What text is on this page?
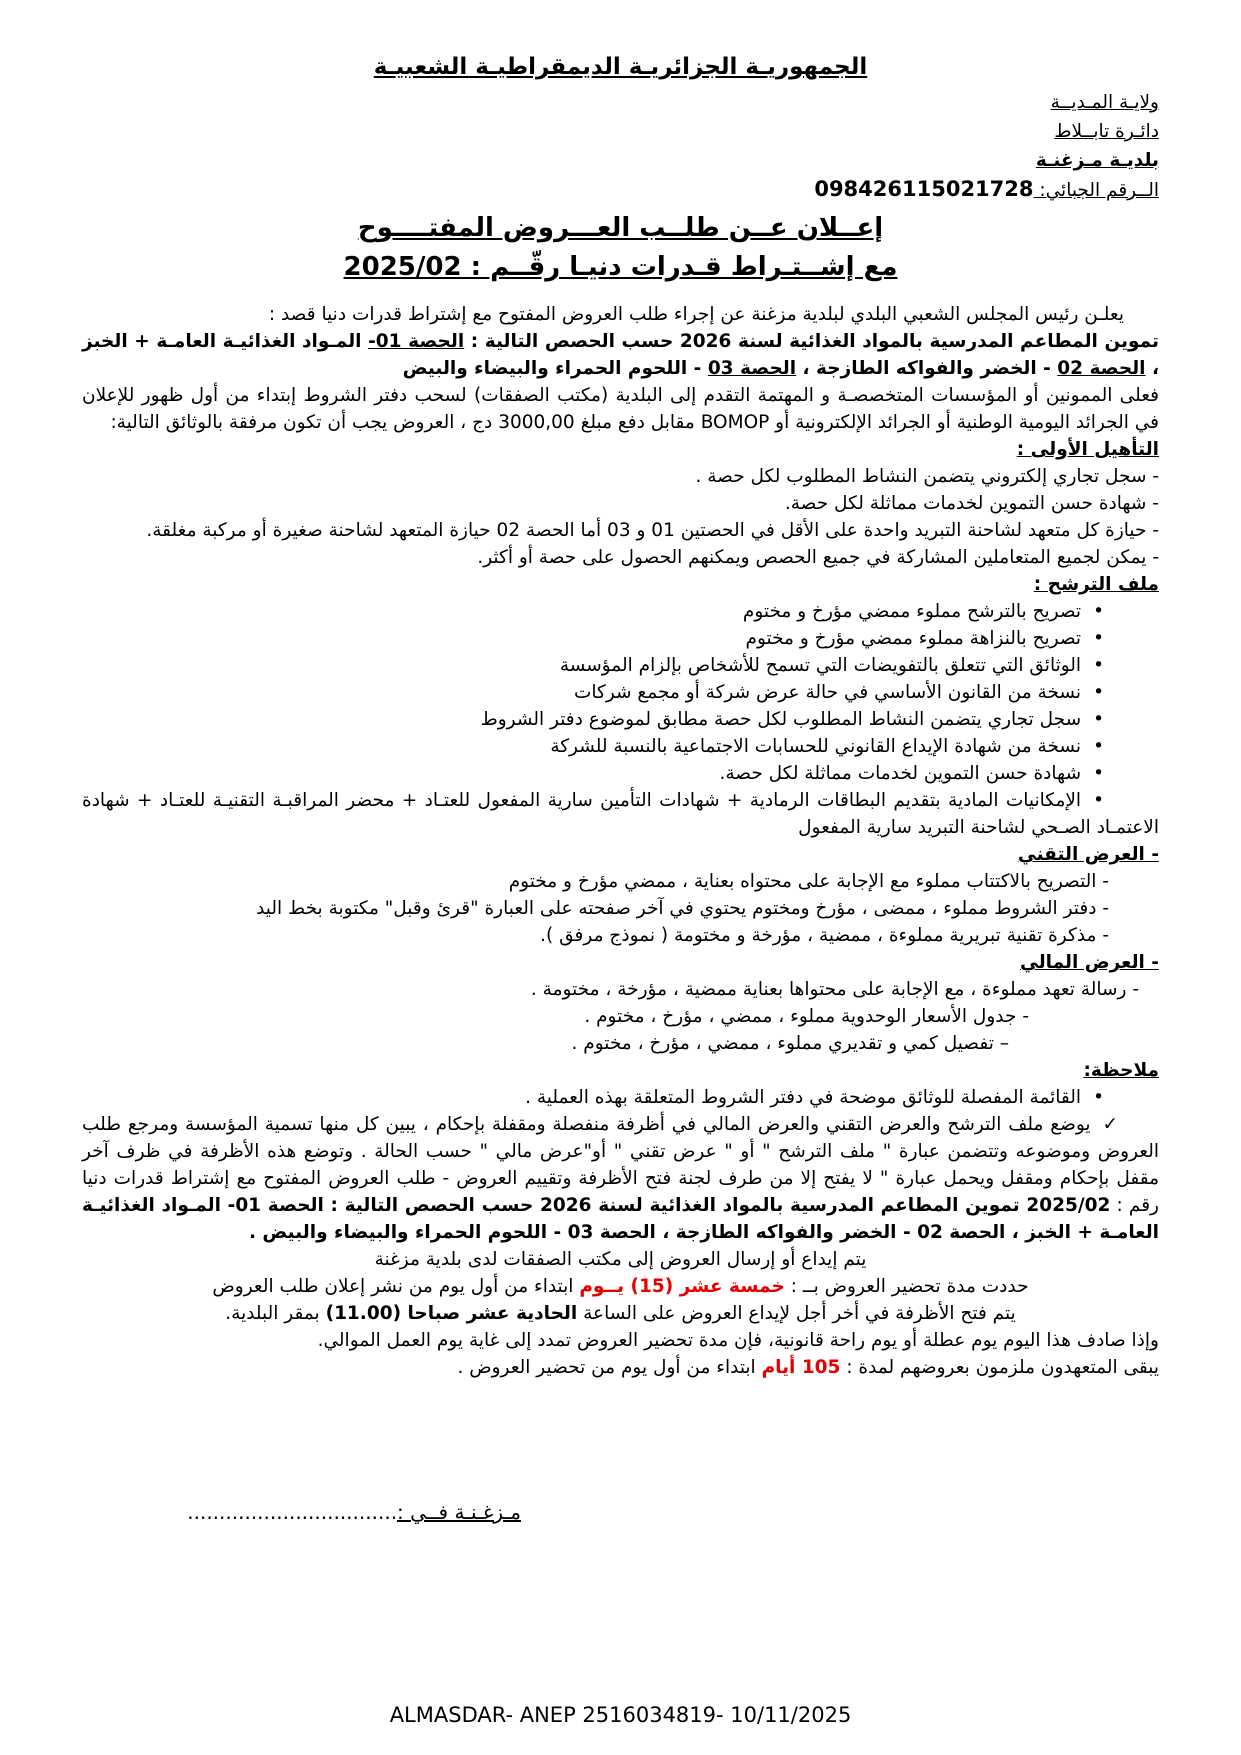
الجمهوريـة الجزائريـة الديمقراطيـة الشعبيـة
ولايـة المـديــة
دائـرة تابــلاط
بلديـة مـزغنـة
الــرقم الجبائي: 098426115021728
إعــلان عــن طلــب العـــروض المفتــــوح
مع إشــتـراط قـدرات دنيـا رقّــم : 2025/02

يعلـن رئيس المجلس الشعبي البلدي لبلدية مزغنة عن إجراء طلب العروض المفتوح مع إشتراط قدرات دنيا قصد :

تموين المطاعم المدرسية بالمواد الغذائية لسنة 2026 حسب الحصص التالية : الحصة 01- المـواد الغذائيـة العامـة + الخبز ، الحصة 02 - الخضر والفواكه الطازجة ، الحصة 03 - اللحوم الحمراء والبيضاء والبيض

فعلى الممونين أو المؤسسات المتخصصـة و المهتمة التقدم إلى البلدية (مكتب الصفقات) لسحب دفتر الشروط إبتداء من أول ظهور للإعلان في الجرائد اليومية الوطنية أو الجرائد الإلكترونية أو BOMOP مقابل دفع مبلغ 3000,00 دج ، العروض يجب أن تكون مرفقة بالوثائق التالية:

التأهيل الأولى :

- سجل تجاري إلكتروني يتضمن النشاط المطلوب لكل حصة .

- شهادة حسن التموين لخدمات مماثلة لكل حصة.

- حيازة كل متعهد لشاحنة التبريد واحدة على الأقل في الحصتين 01 و 03 أما الحصة 02 حيازة المتعهد لشاحنة صغيرة أو مركبة مغلقة.

- يمكن لجميع المتعاملين المشاركة في جميع الحصص ويمكنهم الحصول على حصة أو أكثر.

ملف الترشح :

•تصريح بالترشح مملوء ممضي مؤرخ و مختوم

•تصريح بالنزاهة مملوء ممضي مؤرخ و مختوم

•الوثائق التي تتعلق بالتفويضات التي تسمح للأشخاص بإلزام المؤسسة

•نسخة من القانون الأساسي في حالة عرض شركة أو مجمع شركات

•سجل تجاري يتضمن النشاط المطلوب لكل حصة مطابق لموضوع دفتر الشروط

•نسخة من شهادة الإيداع القانوني للحسابات الاجتماعية بالنسبة للشركة

•شهادة حسن التموين لخدمات مماثلة لكل حصة.

•الإمكانيات المادية بتقديم البطاقات الرمادية + شهادات التأمين سارية المفعول للعتـاد + محضر المراقبـة التقنيـة للعتـاد + شهادة الاعتمـاد الصـحي لشاحنة التبريد سارية المفعول

- العرض التقني

- التصريح بالاكتتاب مملوء مع الإجابة على محتواه بعناية ، ممضي مؤرخ و مختوم

- دفتر الشروط مملوء ، ممضى ، مؤرخ ومختوم يحتوي في آخر صفحته على العبارة "قرئ وقبل" مكتوبة بخط اليد

- مذكرة تقنية تبريرية مملوءة ، ممضية ، مؤرخة و مختومة ( نموذج مرفق ).

- العرض المالي

- رسالة تعهد مملوءة ، مع الإجابة على محتواها بعناية ممضية ، مؤرخة ، مختومة .

- جدول الأسعار الوحدوية مملوء ، ممضي ، مؤرخ ، مختوم .

– تفصيل كمي و تقديري مملوء ، ممضي ، مؤرخ ، مختوم .

ملاحظة:

•القائمة المفصلة للوثائق موضحة في دفتر الشروط المتعلقة بهذه العملية .

✓يوضع ملف الترشح والعرض التقني والعرض المالي في أظرفة منفصلة ومقفلة بإحكام ، يبين كل منها تسمية المؤسسة ومرجع طلب العروض وموضوعه وتتضمن عبارة " ملف الترشح " أو " عرض تقني " أو"عرض مالي " حسب الحالة . وتوضع هذه الأظرفة في ظرف آخر مقفل بإحكام ومقفل ويحمل عبارة " لا يفتح إلا من طرف لجنة فتح الأظرفة وتقييم العروض - طلب العروض المفتوح مع إشتراط قدرات دنيا رقم : 2025/02 تموين المطاعم المدرسية بالمواد الغذائية لسنة 2026 حسب الحصص التالية : الحصة 01- المـواد الغذائيـة العامـة + الخبز ، الحصة 02 - الخضر والفواكه الطازجة ، الحصة 03 - اللحوم الحمراء والبيضاء والبيض .

يتم إيداع أو إرسال العروض إلى مكتب الصفقات لدى بلدية مزغنة

حددت مدة تحضير العروض بــ : خمسة عشر (15) يــوم ابتداء من أول يوم من نشر إعلان طلب العروض

يتم فتح الأظرفة في أخر أجل لإيداع العروض على الساعة الحادية عشر صباحا (11.00) بمقر البلدية.

وإذا صادف هذا اليوم يوم عطلة أو يوم راحة قانونية، فإن مدة تحضير العروض تمدد إلى غاية يوم العمل الموالي.

يبقى المتعهدون ملزمون بعروضهم لمدة : 105 أيام ابتداء من أول يوم من تحضير العروض .

مـزغـنـة فــي :.................................
ALMASDAR- ANEP 2516034819- 10/11/2025
